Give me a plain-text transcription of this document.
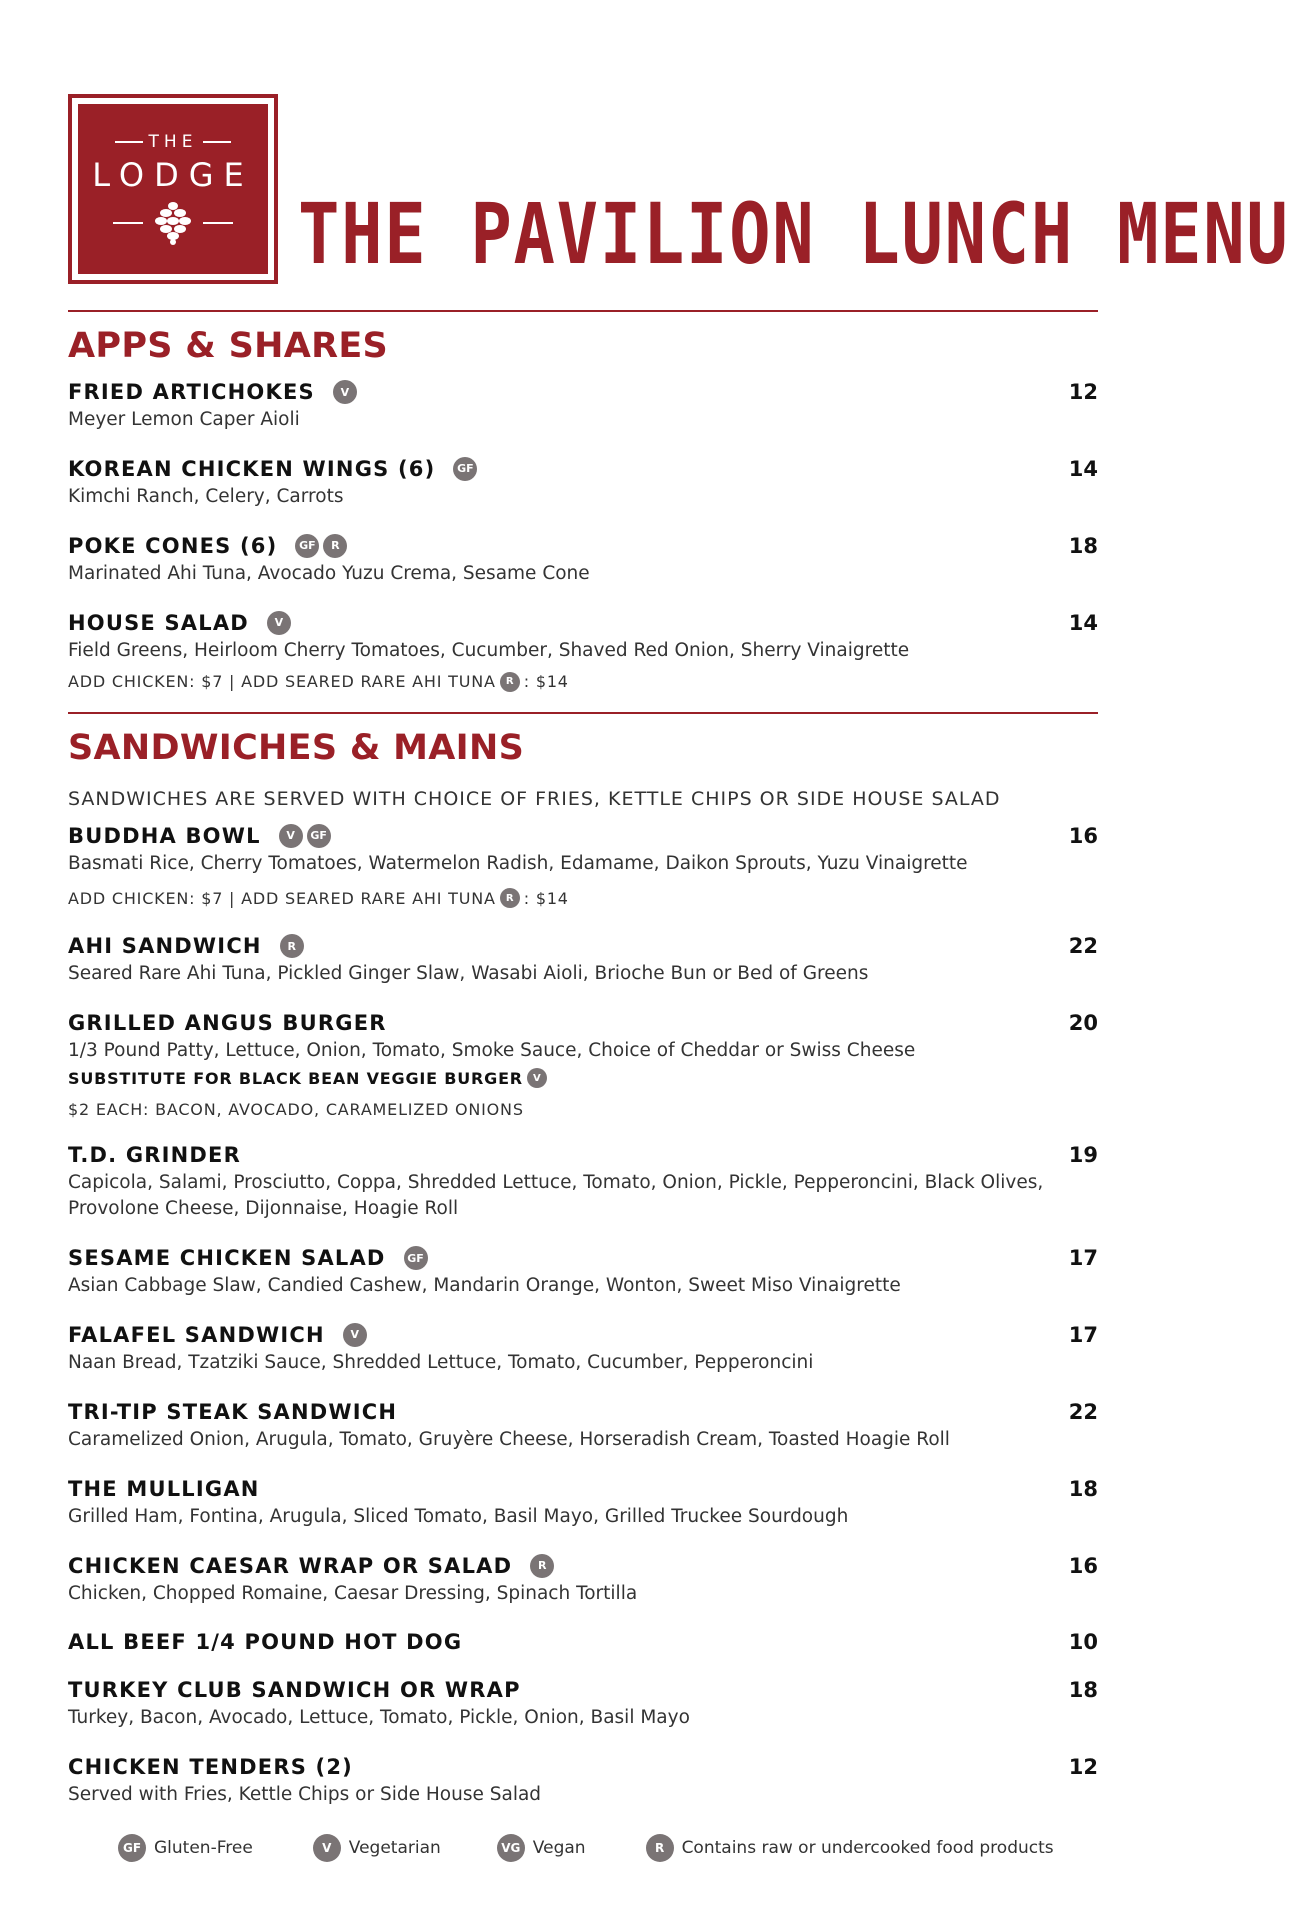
THE
LODGE
THE PAVILION LUNCH MENU
APPS & SHARES
FRIED ARTICHOKES	V	12
Meyer Lemon Caper Aioli
KOREAN CHICKEN WINGS (6)	GF	14
Kimchi Ranch, Celery, Carrots
POKE CONES (6)	GF	R	18
Marinated Ahi Tuna, Avocado Yuzu Crema, Sesame Cone
HOUSE SALAD	V	14
Field Greens, Heirloom Cherry Tomatoes, Cucumber, Shaved Red Onion, Sherry Vinaigrette
ADD CHICKEN: $7 | ADD SEARED RARE AHI TUNA	R : $14
SANDWICHES & MAINS
SANDWICHES ARE SERVED WITH CHOICE OF FRIES, KETTLE CHIPS OR SIDE HOUSE SALAD
BUDDHA BOWL	V	GF	16
Basmati Rice, Cherry Tomatoes, Watermelon Radish, Edamame, Daikon Sprouts, Yuzu Vinaigrette
ADD CHICKEN: $7 | ADD SEARED RARE AHI TUNA	R : $14
AHI SANDWICH	R	22
Seared Rare Ahi Tuna, Pickled Ginger Slaw, Wasabi Aioli, Brioche Bun or Bed of Greens
GRILLED ANGUS BURGER	20
1/3 Pound Patty, Lettuce, Onion, Tomato, Smoke Sauce, Choice of Cheddar or Swiss Cheese
SUBSTITUTE FOR BLACK BEAN VEGGIE BURGER	V
$2 EACH: BACON, AVOCADO, CARAMELIZED ONIONS
T.D. GRINDER	19
Capicola, Salami, Prosciutto, Coppa, Shredded Lettuce, Tomato, Onion, Pickle, Pepperoncini, Black Olives,
Provolone Cheese, Dijonnaise, Hoagie Roll
SESAME CHICKEN SALAD	GF	17
Asian Cabbage Slaw, Candied Cashew, Mandarin Orange, Wonton, Sweet Miso Vinaigrette
FALAFEL SANDWICH	V	17
Naan Bread, Tzatziki Sauce, Shredded Lettuce, Tomato, Cucumber, Pepperoncini
TRI-TIP STEAK SANDWICH	22
Caramelized Onion, Arugula, Tomato, Gruyère Cheese, Horseradish Cream, Toasted Hoagie Roll
THE MULLIGAN	18
Grilled Ham, Fontina, Arugula, Sliced Tomato, Basil Mayo, Grilled Truckee Sourdough
CHICKEN CAESAR WRAP OR SALAD	R	16
Chicken, Chopped Romaine, Caesar Dressing, Spinach Tortilla
ALL BEEF 1/4 POUND HOT DOG	10
TURKEY CLUB SANDWICH OR WRAP	18
Turkey, Bacon, Avocado, Lettuce, Tomato, Pickle, Onion, Basil Mayo
CHICKEN TENDERS (2)	12
Served with Fries, Kettle Chips or Side House Salad
GF Gluten-Free	V	Vegetarian	VG Vegan	R	Contains raw or undercooked food products
